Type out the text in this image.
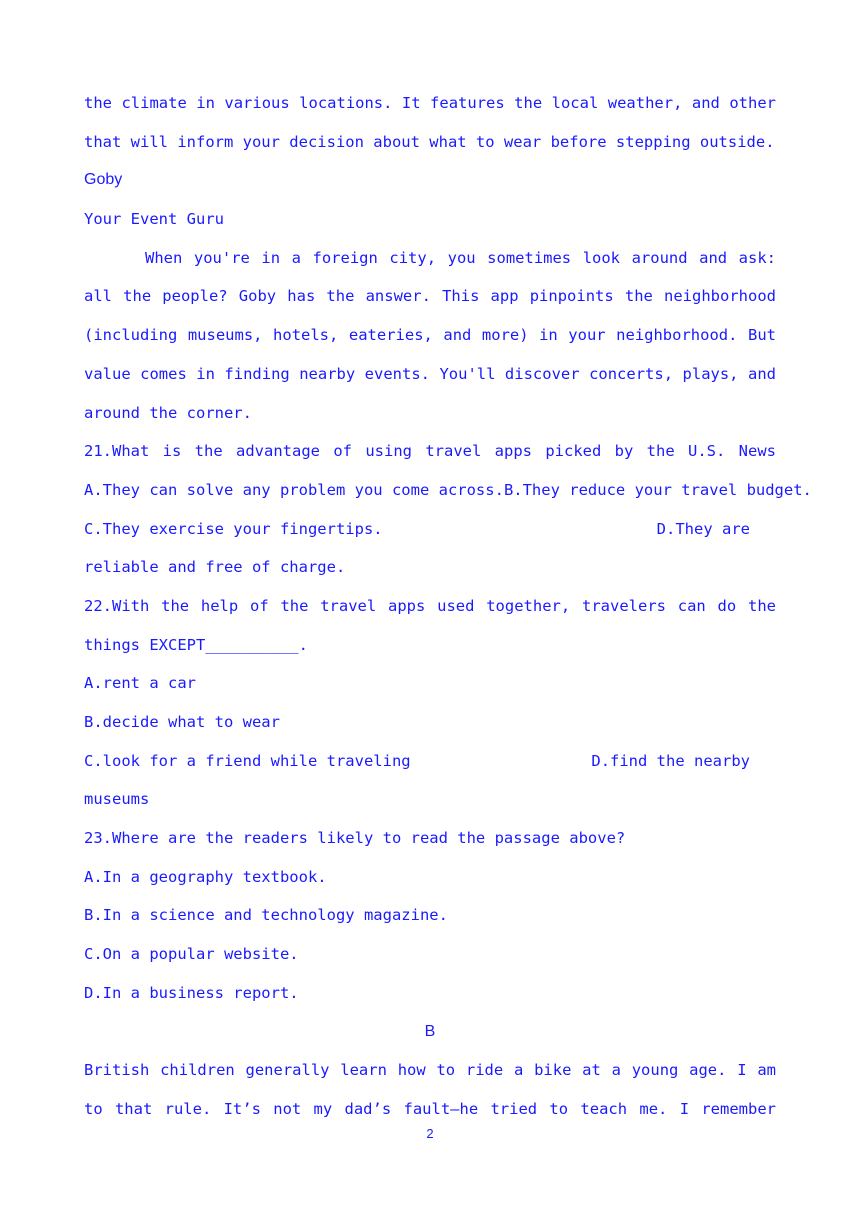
the climate in various locations. It features the local weather, and other
that will inform your decision about what to wear before stepping outside.
Goby
Your Event Guru
When you're in a foreign city, you sometimes look around and ask:
all the people? Goby has the answer. This app pinpoints the neighborhood
(including museums, hotels, eateries, and more) in your neighborhood. But
value comes in finding nearby events. You'll discover concerts, plays, and
around the corner.
21.What is the advantage of using travel apps picked by the U.S. News
A.They can solve any problem you come across. B.They reduce your travel budget.
C.They exercise your fingertips.	D.They are
reliable and free of charge.
22.With the help of the travel apps used together, travelers can do the
things EXCEPT__________.
A.rent a car
B.decide what to wear
C.look for a friend while traveling	D.find the nearby
museums
23.Where are the readers likely to read the passage above?
A.In a geography textbook.
B.In a science and technology magazine.
C.On a popular website.
D.In a business report.
B
British children generally learn how to ride a bike at a young age. I am
to that rule. It’s not my dad’s fault—he tried to teach me. I remember
2
